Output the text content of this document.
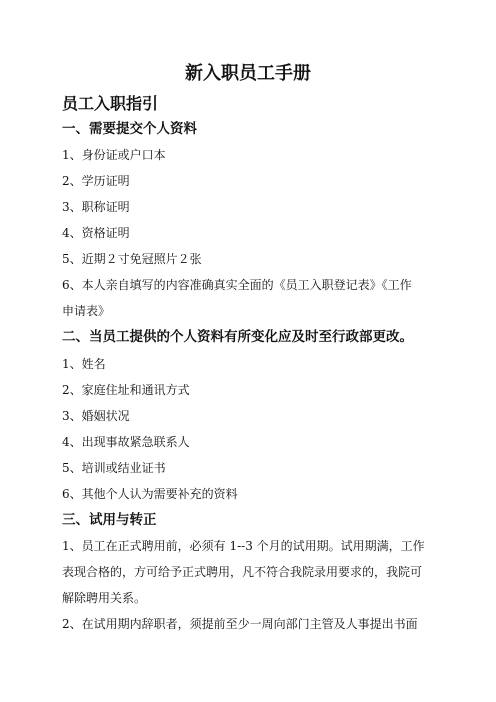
新入职员工手册
员工入职指引
一、需要提交个人资料

1、身份证或户口本

2、学历证明

3、职称证明

4、资格证明

5、近期２寸免冠照片２张

6、本人亲自填写的内容准确真实全面的《员工入职登记表》《工作

申请表》

二、当员工提供的个人资料有所变化应及时至行政部更改。

1、姓名

2、家庭住址和通讯方式

3、婚姻状况

4、出现事故紧急联系人

5、培训或结业证书

6、其他个人认为需要补充的资料

三、试用与转正

1、员工在正式聘用前，必须有 1--3 个月的试用期。试用期满，工作

表现合格的，方可给予正式聘用，凡不符合我院录用要求的，我院可

解除聘用关系。

2、在试用期内辞职者，须提前至少一周向部门主管及人事提出书面
